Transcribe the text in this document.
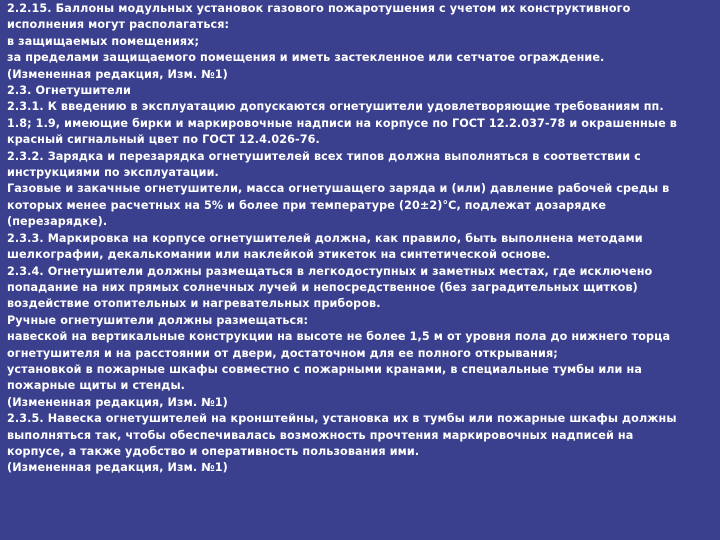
2.2.15. Баллоны модульных установок газового пожаротушения с учетом их конструктивного
исполнения могут располагаться:
в защищаемых помещениях;
за пределами защищаемого помещения и иметь застекленное или сетчатое ограждение.
(Измененная редакция, Изм. №1)
2.3. Огнетушители
2.3.1. К введению в эксплуатацию допускаются огнетушители удовлетворяющие требованиям пп.
1.8; 1.9, имеющие бирки и маркировочные надписи на корпусе по ГОСТ 12.2.037-78 и окрашенные в
красный сигнальный цвет по ГОСТ 12.4.026-76.
2.3.2. Зарядка и перезарядка огнетушителей всех типов должна выполняться в соответствии с
инструкциями по эксплуатации.
Газовые и закачные огнетушители, масса огнетушащего заряда и (или) давление рабочей среды в
которых менее расчетных на 5% и более при температуре (20±2)°С, подлежат дозарядке
(перезарядке).
2.3.3. Маркировка на корпусе огнетушителей должна, как правило, быть выполнена методами
шелкографии, декалькомании или наклейкой этикеток на синтетической основе.
2.3.4. Огнетушители должны размещаться в легкодоступных и заметных местах, где исключено
попадание на них прямых солнечных лучей и непосредственное (без заградительных щитков)
воздействие отопительных и нагревательных приборов.
Ручные огнетушители должны размещаться:
навеской на вертикальные конструкции на высоте не более 1,5 м от уровня пола до нижнего торца
огнетушителя и на расстоянии от двери, достаточном для ее полного открывания;
установкой в пожарные шкафы совместно с пожарными кранами, в специальные тумбы или на
пожарные щиты и стенды.
(Измененная редакция, Изм. №1)
2.3.5. Навеска огнетушителей на кронштейны, установка их в тумбы или пожарные шкафы должны
выполняться так, чтобы обеспечивалась возможность прочтения маркировочных надписей на
корпусе, а также удобство и оперативность пользования ими.
(Измененная редакция, Изм. №1)
